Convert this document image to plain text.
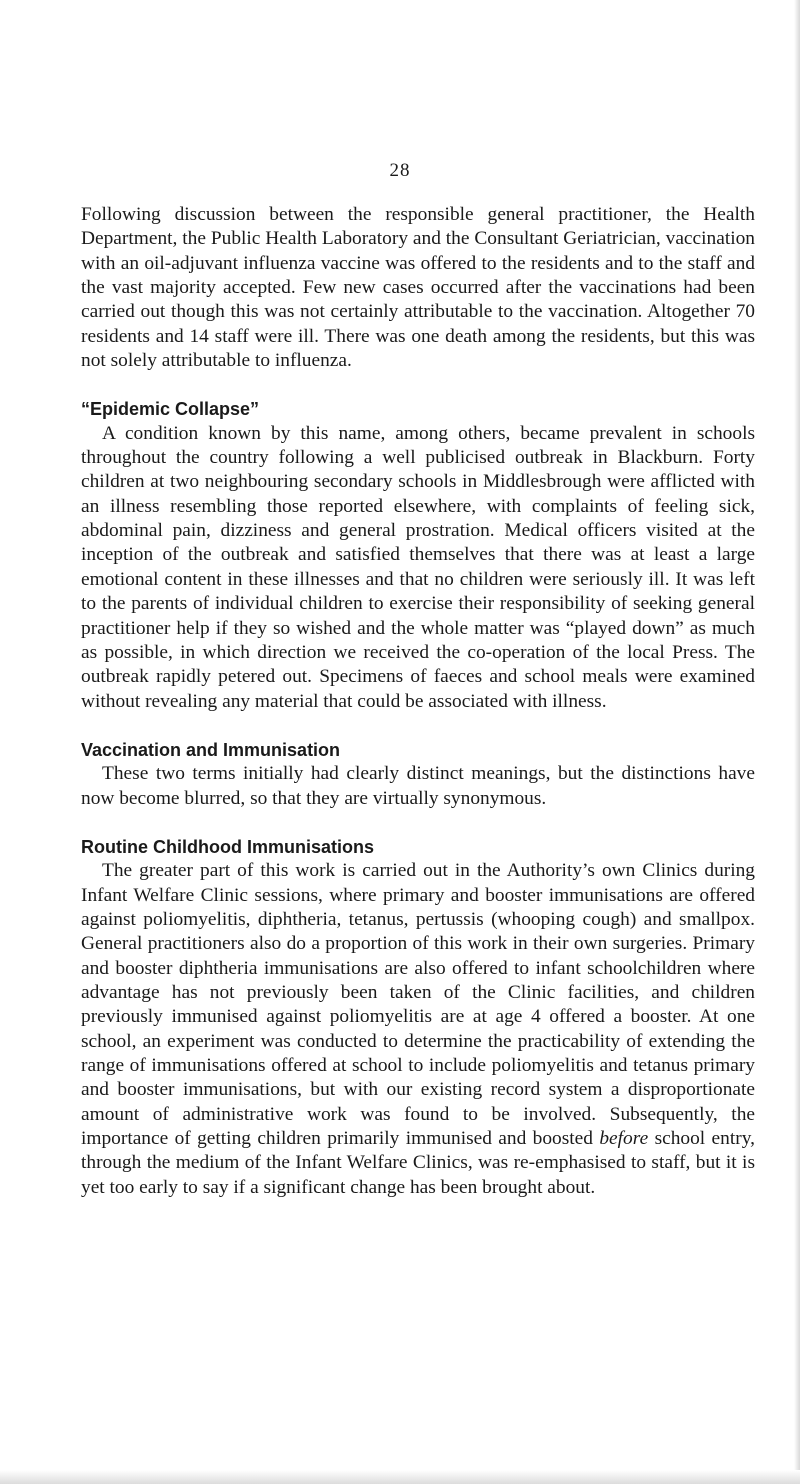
28

Following discussion between the responsible general practitioner, the Health Department, the Public Health Laboratory and the Consultant Geriatrician, vaccination with an oil-adjuvant influenza vaccine was offered to the residents and to the staff and the vast majority accepted. Few new cases occurred after the vaccinations had been carried out though this was not certainly attributable to the vaccination. Altogether 70 residents and 14 staff were ill. There was one death among the residents, but this was not solely attributable to influenza.

“Epidemic Collapse”

A condition known by this name, among others, became prevalent in schools throughout the country following a well publicised outbreak in Blackburn. Forty children at two neighbouring secondary schools in Middlesbrough were afflicted with an illness resembling those reported elsewhere, with complaints of feeling sick, abdominal pain, dizziness and general prostration. Medical officers visited at the inception of the outbreak and satisfied themselves that there was at least a large emotional content in these illnesses and that no children were seriously ill. It was left to the parents of individual children to exercise their responsibility of seeking general practitioner help if they so wished and the whole matter was “played down” as much as possible, in which direction we received the co-operation of the local Press. The outbreak rapidly petered out. Specimens of faeces and school meals were examined without revealing any material that could be associated with illness.

Vaccination and Immunisation

These two terms initially had clearly distinct meanings, but the distinctions have now become blurred, so that they are virtually synonymous.

Routine Childhood Immunisations

The greater part of this work is carried out in the Authority’s own Clinics during Infant Welfare Clinic sessions, where primary and booster immunisations are offered against poliomyelitis, diphtheria, tetanus, pertussis (whooping cough) and smallpox. General practitioners also do a proportion of this work in their own surgeries. Primary and booster diphtheria immunisations are also offered to infant schoolchildren where advantage has not previously been taken of the Clinic facilities, and children previously immunised against poliomyelitis are at age 4 offered a booster. At one school, an experiment was conducted to determine the practicability of extending the range of immunisations offered at school to include poliomyelitis and tetanus primary and booster immunisations, but with our existing record system a disproportionate amount of administrative work was found to be involved. Subsequently, the importance of getting children primarily immunised and boosted before school entry, through the medium of the Infant Welfare Clinics, was re-emphasised to staff, but it is yet too early to say if a significant change has been brought about.
